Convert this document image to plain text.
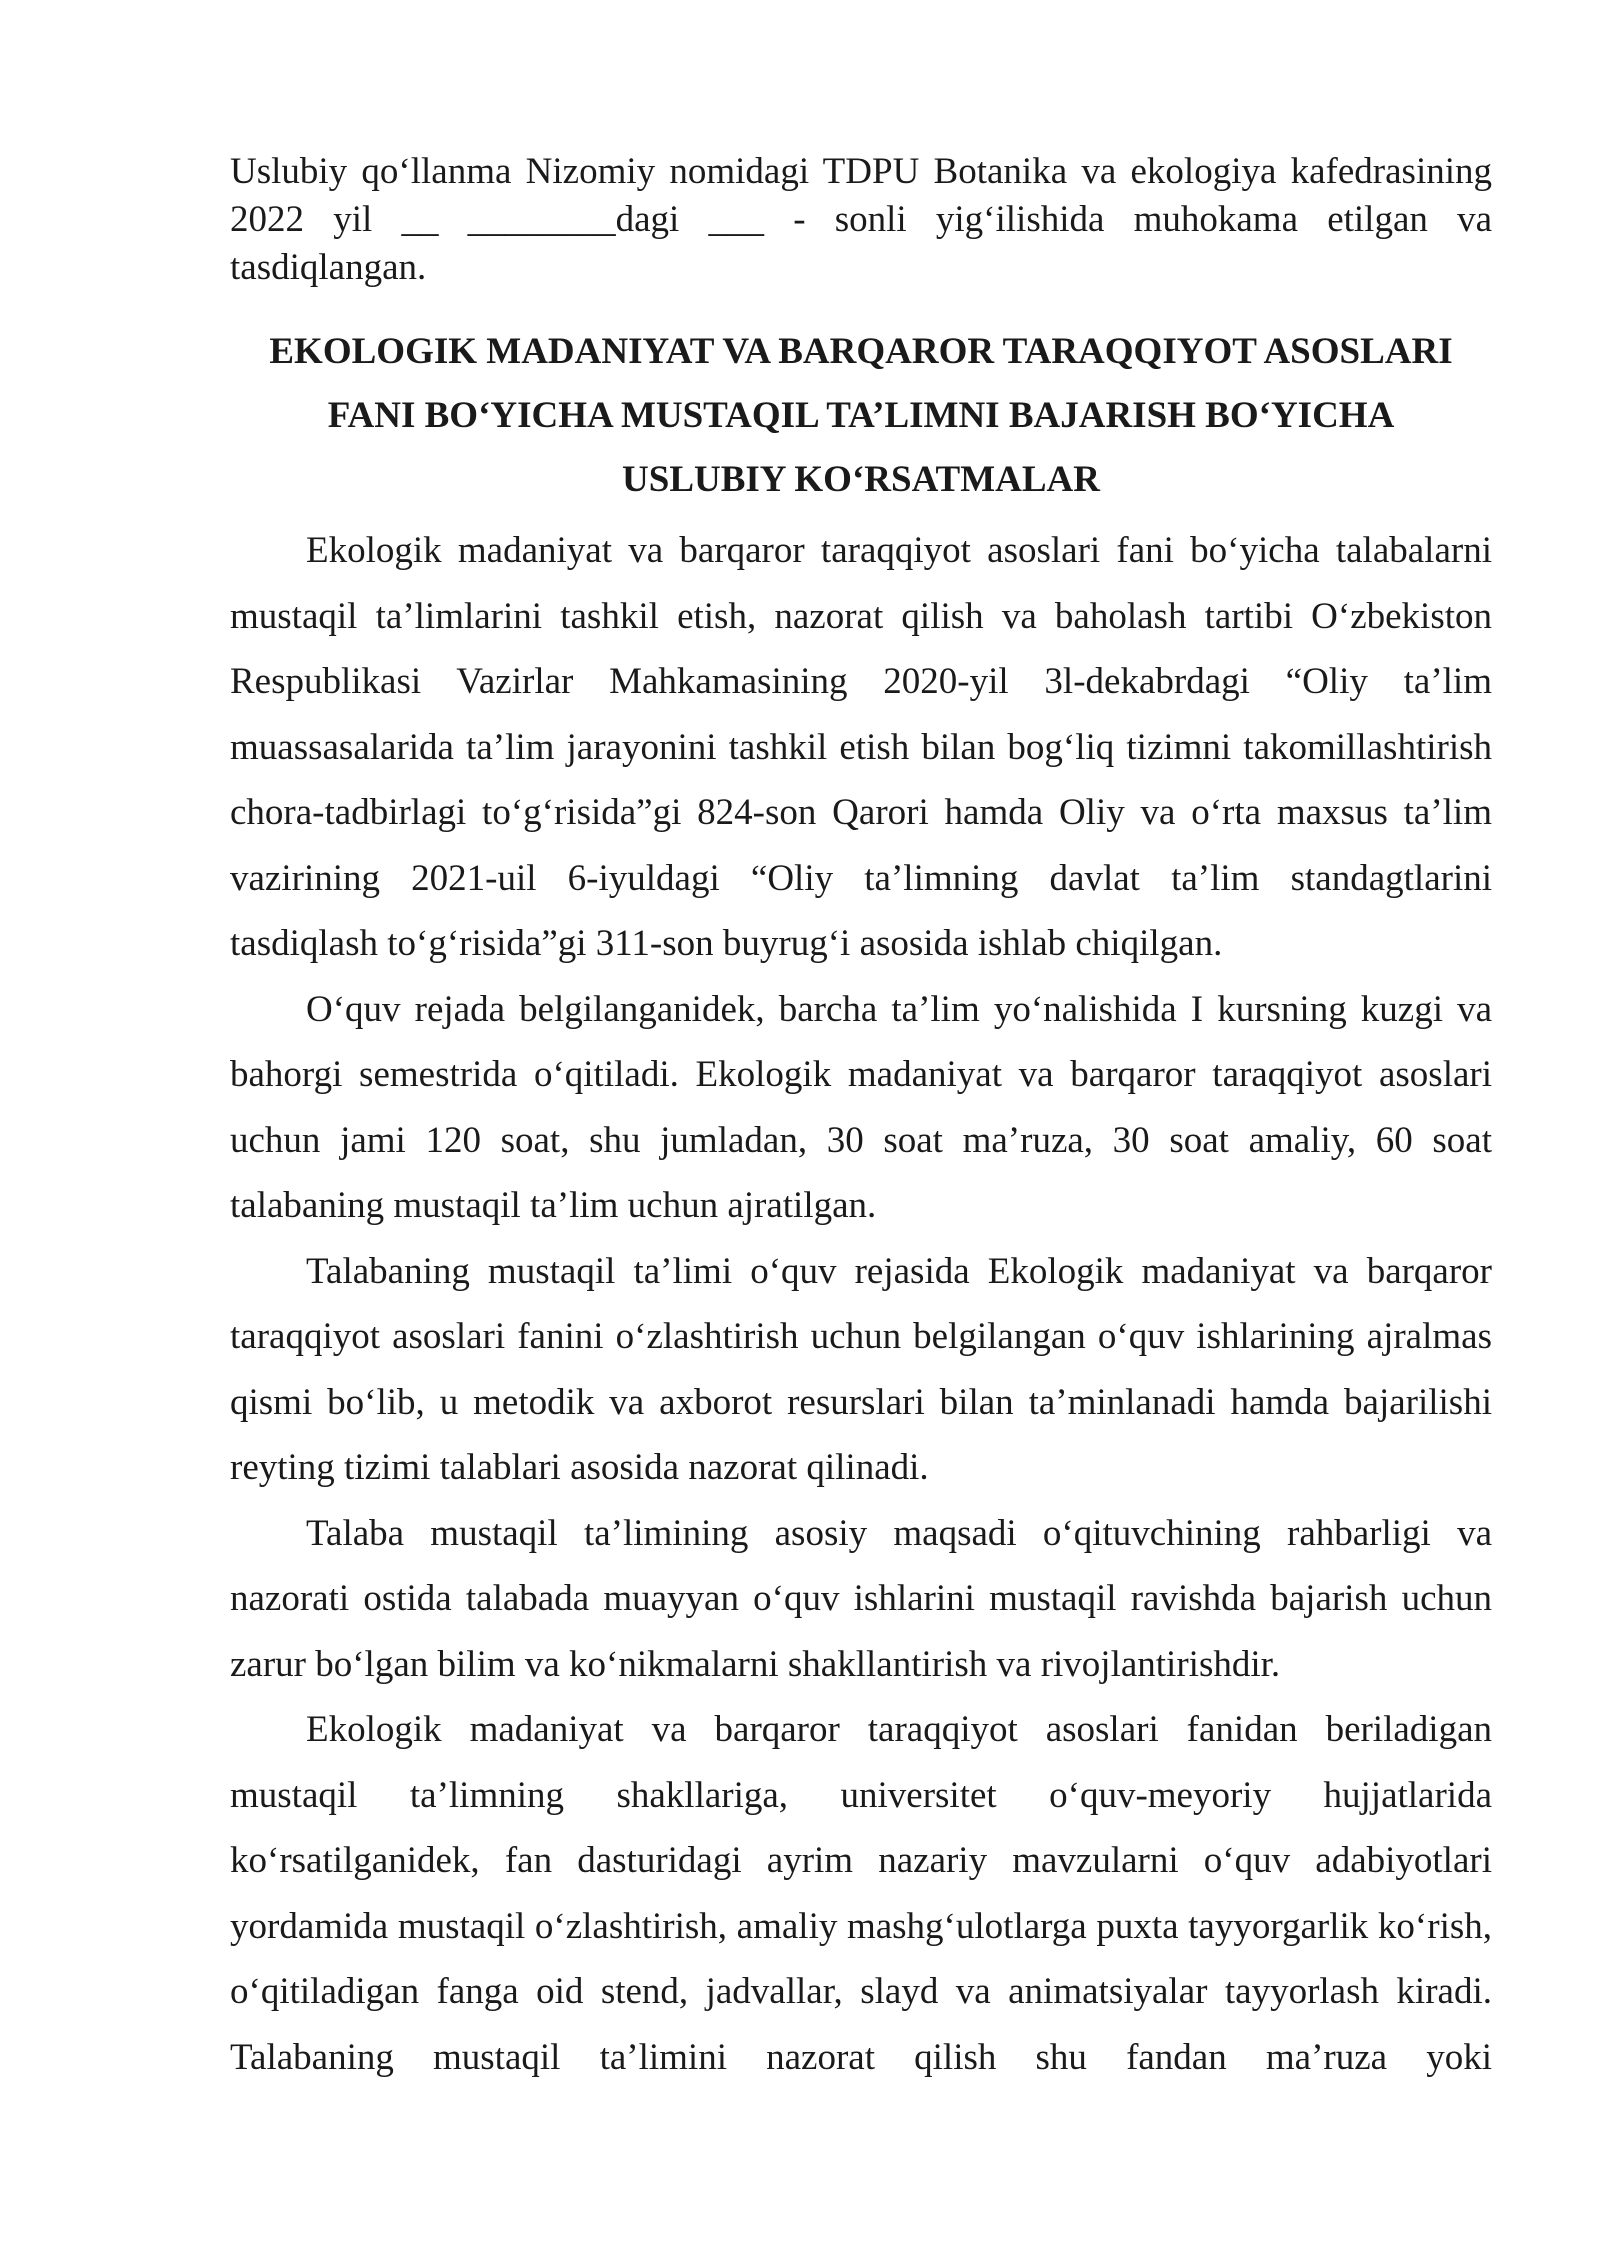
Uslubiy qo‘llanma Nizomiy nomidagi TDPU Botanika va ekologiya kafedrasining 2022 yil __ ________dagi ___ - sonli yig‘ilishida muhokama etilgan va tasdiqlangan.

EKOLOGIK MADANIYAT VA BARQAROR TARAQQIYOT ASOSLARI

FANI BO‘YICHA MUSTAQIL TA’LIMNI BAJARISH BO‘YICHA

USLUBIY KO‘RSATMALAR

Ekologik madaniyat va barqaror taraqqiyot asoslari fani bo‘yicha talabalarni mustaqil ta’limlarini tashkil etish, nazorat qilish va baholash tartibi O‘zbekiston Respublikasi Vazirlar Mahkamasining 2020-yil 3l-dekabrdagi “Oliy ta’lim muassasalarida ta’lim jarayonini tashkil etish bilan bog‘liq tizimni takomillashtirish chora-tadbirlagi to‘g‘risida”gi 824-son Qarori hamda Oliy va o‘rta maxsus ta’lim vazirining 2021-uil 6-iyuldagi “Oliy ta’limning davlat ta’lim standagtlarini tasdiqlash to‘g‘risida”gi 311-son buyrug‘i asosida ishlab chiqilgan.

O‘quv rejada belgilanganidek, barcha ta’lim yo‘nalishida I kursning kuzgi va bahorgi semestrida o‘qitiladi. Ekologik madaniyat va barqaror taraqqiyot asoslari uchun jami 120 soat, shu jumladan, 30 soat ma’ruza, 30 soat amaliy, 60 soat talabaning mustaqil ta’lim uchun ajratilgan.

Talabaning mustaqil ta’limi o‘quv rejasida Ekologik madaniyat va barqaror taraqqiyot asoslari fanini o‘zlashtirish uchun belgilangan o‘quv ishlarining ajralmas qismi bo‘lib, u metodik va axborot resurslari bilan ta’minlanadi hamda bajarilishi reyting tizimi talablari asosida nazorat qilinadi.

Talaba mustaqil ta’limining asosiy maqsadi o‘qituvchining rahbarligi va nazorati ostida talabada muayyan o‘quv ishlarini mustaqil ravishda bajarish uchun zarur bo‘lgan bilim va ko‘nikmalarni shakllantirish va rivojlantirishdir.

Ekologik madaniyat va barqaror taraqqiyot asoslari fanidan beriladigan mustaqil ta’limning shakllariga, universitet o‘quv-meyoriy hujjatlarida ko‘rsatilganidek, fan dasturidagi ayrim nazariy mavzularni o‘quv adabiyotlari yordamida mustaqil o‘zlashtirish, amaliy mashg‘ulotlarga puxta tayyorgarlik ko‘rish, o‘qitiladigan fanga oid stend, jadvallar, slayd va animatsiyalar tayyorlash kiradi. Talabaning mustaqil ta’limini nazorat qilish shu fandan ma’ruza yoki
